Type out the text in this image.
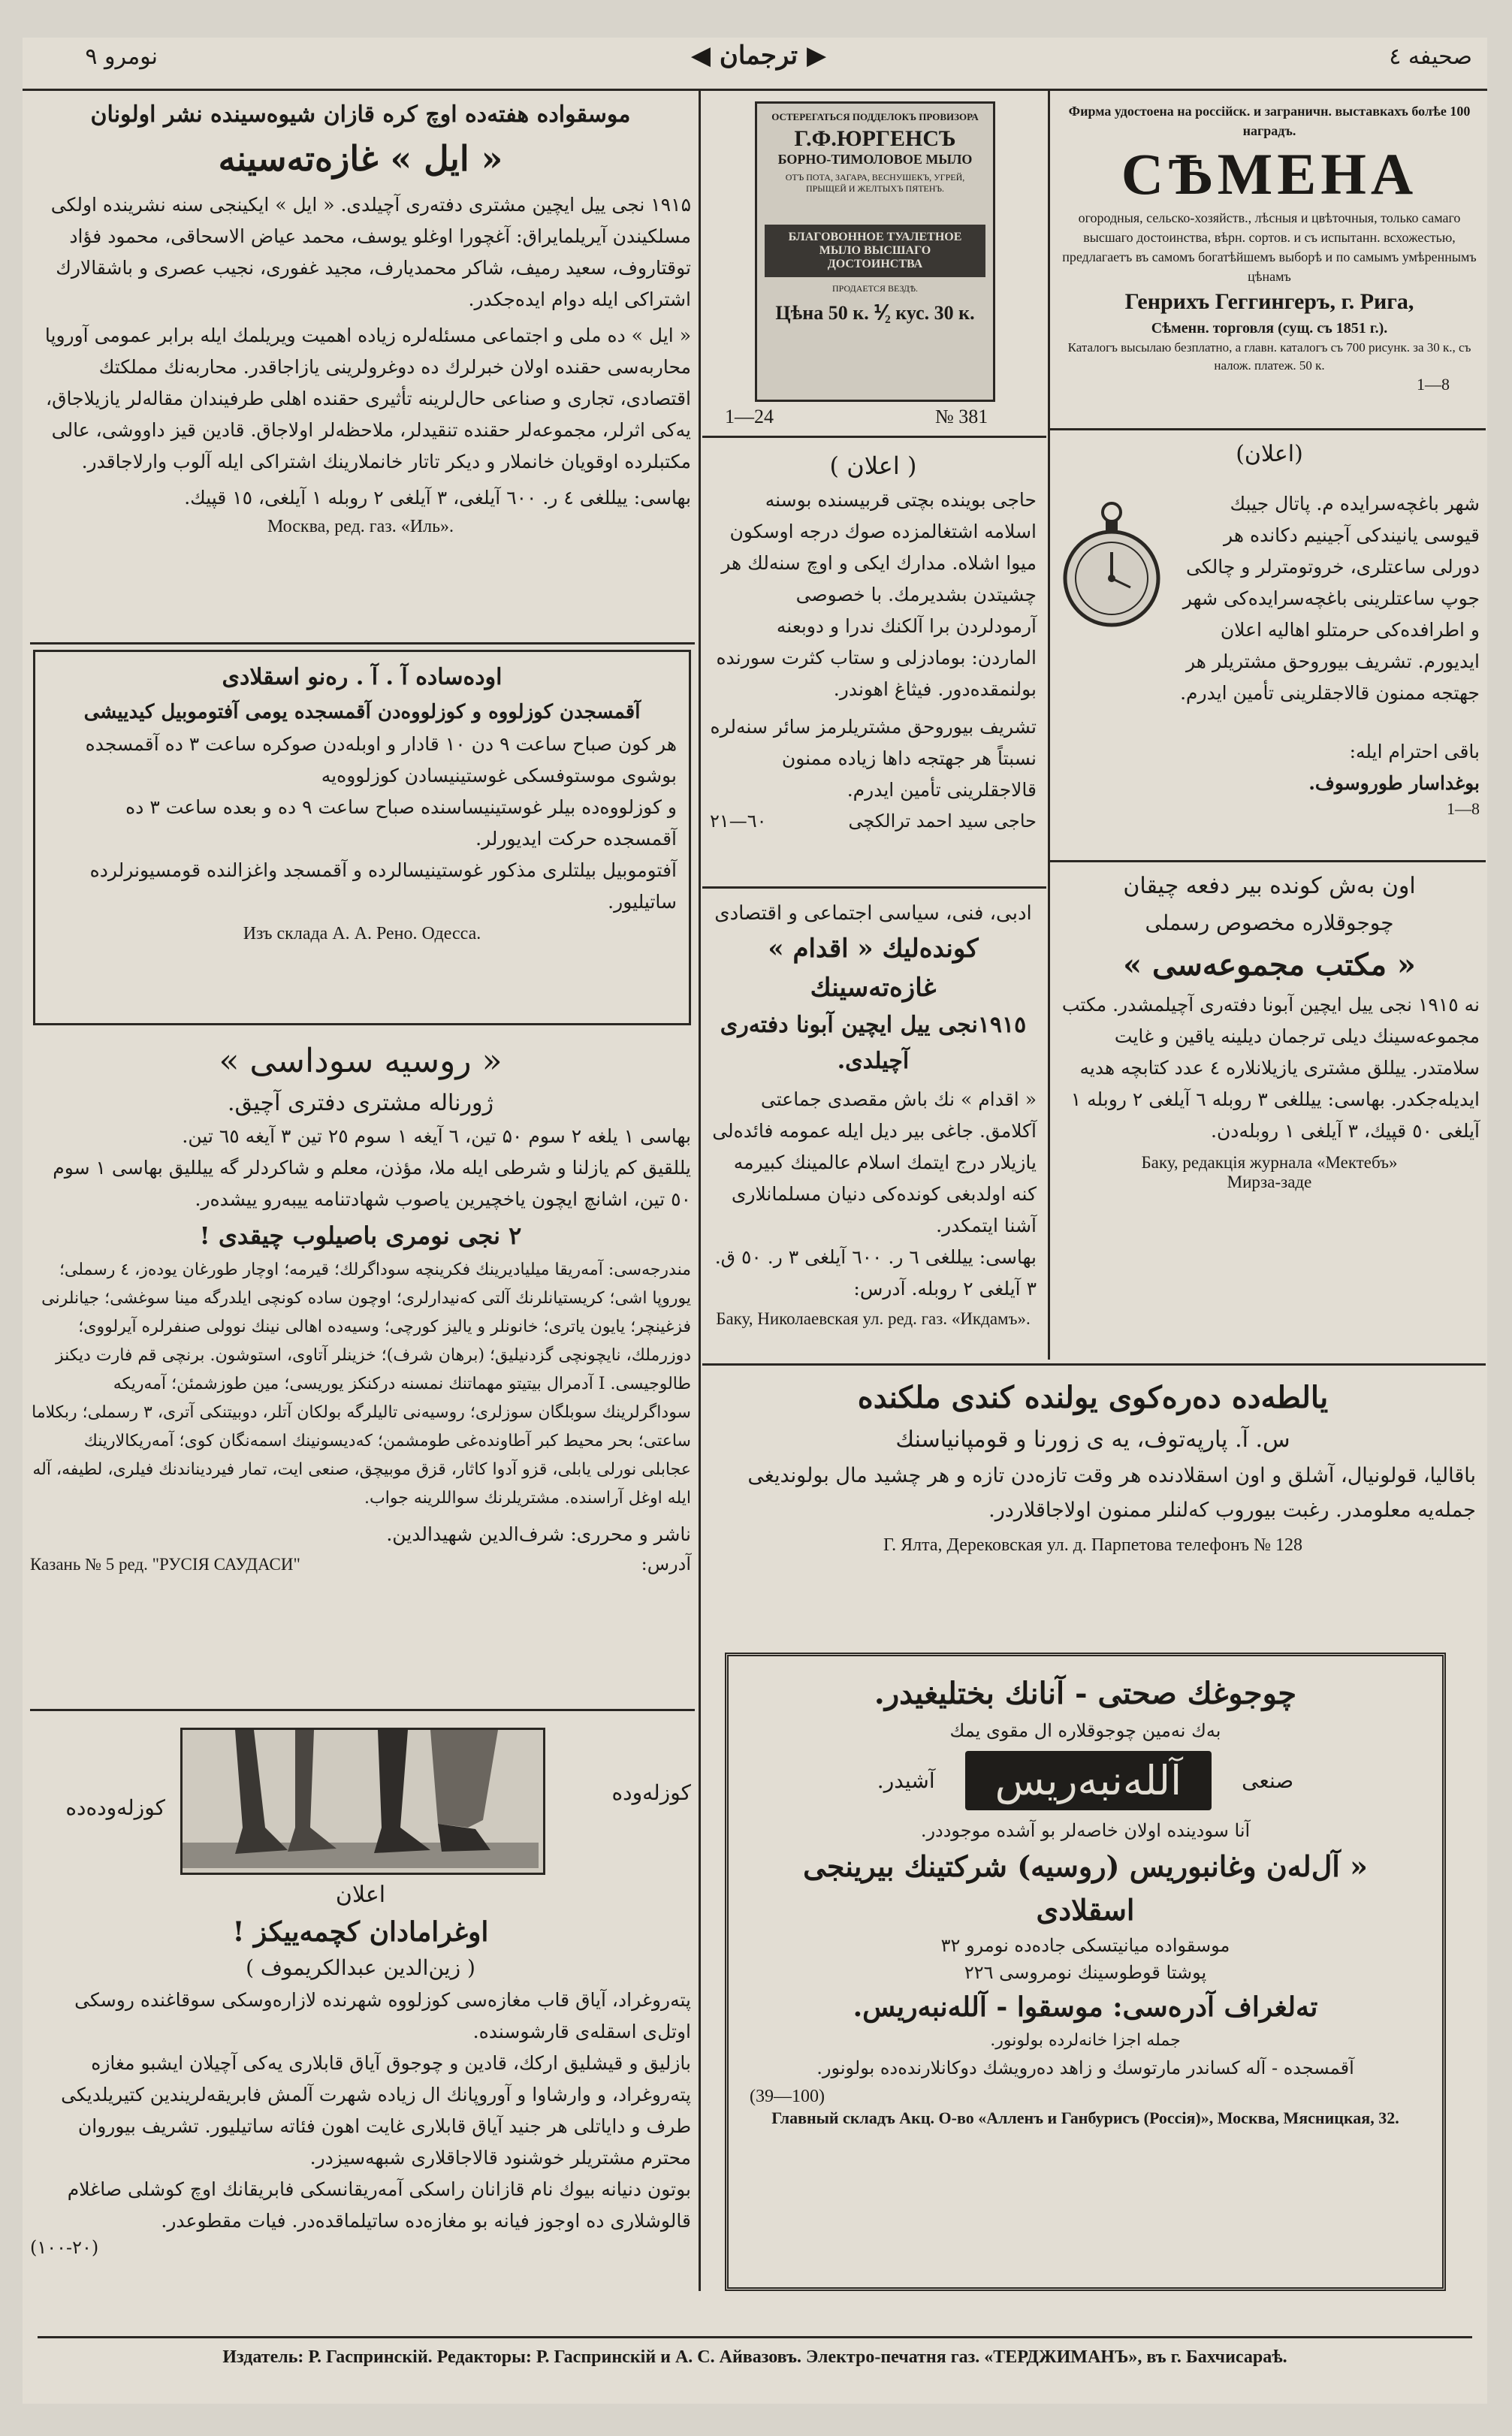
نومرو ۹	◀ ترجمان ▶	صحيفه ٤

موسقواده هفته‌ده اوچ كره قازان شيوه‌سينده نشر اولونان

« ايل » غازه‌ته‌سينه

۱۹۱۵ نجی ييل ايچين مشتری دفته‌ری آچيلدی. « ايل » ايكينجی سنه نشرينده اولكی مسلكيندن آيريلمايراق: آغچورا اوغلو يوسف، محمد عياض الاسحاقی، محمود فؤاد توقتاروف، سعيد رميف، شاكر محمديارف، مجيد غفوری، نجيب عصری و باشقالارك اشتراكی ايله دوام ايده‌جكدر.

« ايل » ده ملی و اجتماعی مسئله‌لره زياده اهميت ويريلمك ايله برابر عمومی آوروپا محاربه‌سی حقنده اولان خبرلرك ده دوغرولرينی يازاجاقدر. محاربه‌نك مملكتك اقتصادی، تجاری و صناعی حال‌لرينه تأثيری حقنده اهلی طرفيندان مقاله‌لر يازيلاجاق، يه‌كی اثرلر، مجموعه‌لر حقنده تنقيدلر، ملاحظه‌لر اولاجاق. قادين قيز داووشی، عالی مكتبلرده اوقويان خانملار و ديكر تاتار خانملارينك اشتراكی ايله آلوب وارلاجاقدر.

بهاسی: ييللغی ٤ ر. ٦٠٠ آيلغی، ۳ آيلغی ۲ روبله ۱ آيلغی، ۱٥ قپيك.

Москва, ред. газ. «Иль».

اوده‌ساده آ . آ . ره‌نو اسقلادی

آقمسجدن كوزلووه و كوزلووه‌دن آقمسجده يومی آفتوموبيل كيدييشی

هر كون صباح ساعت ۹ دن ۱۰ قادار و اوبله‌دن صوكره ساعت ۳ ده آقمسجده بوشوی موستوفسكی غوستينيسادن كوزلووه‌يه

و كوزلووه‌ده بيلر غوستينيساسنده صباح ساعت ۹ ده و بعده ساعت ۳ ده آقمسجده حركت ايديورلر.

آفتوموبيل بيلتلری مذكور غوستينيسالرده و آقمسجد واغزالنده قومسيونرلرده ساتيليور.

Изъ склада А. А. Рено. Одесса.

« روسيه سوداسی »

ژورناله مشتری دفتری آچيق.

بهاسی ۱ يلغه ۲ سوم ۵۰ تين، ٦ آيغه ۱ سوم ۲٥ تين ۳ آيغه ٦٥ تين.

يللقيق كم يازلنا و شرطی ايله ملا، مؤذن، معلم و شاكردلر گه ييلليق بهاسی ۱ سوم ٥۰ تين، اشانچ ايچون ياخچيرين ياصوب شهادتنامه ييبه‌رو ييشده‌ر.

۲ نجی نومری باصيلوب چيقدی !

مندرجه‌سی: آمه‌ريقا ميلياديرينك فكرينچه سوداگرلك؛ قيرمه؛ اوچار طورغان يوده‌ز، ٤ رسملی؛ يوروپا اشی؛ كريستيانلرنك آلتی كه‌نيدارلری؛ اوچون ساده كونچی ايلدرگه مينا سوغشی؛ جيانلرنی فزغينچر؛ يايون ياتری؛ خانونلر و ياليز كورچی؛ وسيه‌ده اهالی نينك نوولی صنفرلره آيرلووی؛ دوزرملك، نايچونچی گزدنيليق؛ (برهان شرف)؛ خزينلر آتاوی، استوشون. برنچی قم فارت ديكنز طالوجيسی. I آدمرال بيتيتو مهماتنك نمسنه دركنكز يوريسی؛ مين طوزشمئن؛ آمه‌ريكه سوداگرلرينك سوبلگان سوزلری؛ روسيه‌نی تاليلرگه بولكان آتلر، دوبيتنكی آتری، ۳ رسملی؛ ربكلاما ساعتی؛ بحر محيط كبر آطاونده‌غی طومشمن؛ كه‌ديسونينك اسمه‌نگان كوی؛ آمه‌ريكالارينك عجابلی نورلی يابلی، قزو آدوا كاثار، قزق موبيچق، صنعی ايت، تمار فيرديناندنك فيلری، لطيفه، آله ايله اوغل آراسنده. مشتريلرنك سواللرينه جواب.

ناشر و محرری: شرف‌الدين شهيدالدين.

Казань № 5 ред. "РУСIЯ САУДАСИ"	آدرس:

كوزله‌وده‌ده

كوزله‌وده

اعلان

اوغرامادان كچمه‌ييكز !

( زين‌الدين عبدالكريموف )

پته‌روغراد، آياق قاب مغازه‌سی كوزلووه شهرنده لازاره‌وسكی سوقاغنده روسكی اوتل‌ی اسقله‌ی قارشوسنده.

بازليق و قيشليق اركك، قادين و چوجوق آياق قابلاری يه‌كی آچيلان ايشبو مغازه پته‌روغراد، و وارشاوا و آوروپانك ال زياده شهرت آلمش فابريقه‌لريندين كتيريلديكی طرف و داياتلی هر جنيد آياق قابلاری غايت اهون فئاته ساتيليور. تشريف بيوروان محترم مشتريلر خوشنود قالاجاقلاری شبهه‌سيزدر.

بوتون دنيانه بيوك نام قازانان راسكی آمه‌ريقانسكی فابريقانك اوچ كوشلی صاغلام قالوشلاری ده اوجوز فيانه بو مغازه‌ده ساتيلماقده‌در. فيات مقطوعدر.

(۱۰۰-۲۰)

ОСТЕРЕГАТЬСЯ ПОДДЕЛОКЪ ПРОВИЗОРА
Г.Ф.ЮРГЕНСЪ
БОРНО-ТИМОЛОВОЕ МЫЛО
ОТЪ ПОТА, ЗАГАРА, ВЕСНУШЕКЪ, УГРЕЙ, ПРЫЩЕЙ И ЖЕЛТЫХЪ ПЯТЕНЪ.
БЛАГОВОННОЕ ТУАЛЕТНОЕ МЫЛО ВЫСШАГО ДОСТОИНСТВА
ПРОДАЕТСЯ ВЕЗДѢ.
Цѣна 50 к. ⅟₂ кус. 30 к.
1—24	№ 381

( اعلان )

حاجی بوينده بچتی قربيسنده بوسنه اسلامه اشتغالمزده صوك درجه اوسكون ميوا اشلاه. مدارك ايكی و اوچ سنه‌لك هر چشيتدن بشديرمك. با خصوصی آرمودلردن برا آلكنك ندرا و دوبعنه الماردن: بومادزلی و ستاب كثرت سورنده بولنمقده‌دور. فيثاغ اهوندر.

تشريف بيوروحق مشتريلرمز سائر سنه‌لره نسبتاً هر جهتجه داها زياده ممنون قالاجقلرينی تأمين ايدرم.

۲۱—٦۰	حاجی سيد احمد ترالكچی

ادبی، فنی، سياسی اجتماعی و اقتصادی

كونده‌ليك « اقدام » غازه‌ته‌سينك

۱۹۱٥نجی ييل ايچين آبونا دفته‌ری آچيلدی.

« اقدام » نك باش مقصدی جماعتی آكلامق. جاغی بير ديل ايله عمومه فائده‌لی يازيلار درج ايتمك اسلام عالمينك كبيرمه كنه اولدبغی كونده‌كی دنيان مسلمانلاری آشنا ايتمكدر.

بهاسی: ييللغی ٦ ر. ٦٠٠ آيلغی ۳ ر. ٥٠ ق. ۳ آيلغی ۲ روبله. آدرس:

Баку, Николаевская ул. ред. газ. «Икдамъ».

Фирма удостоена на россійск. и заграничн. выставкахъ болѣе 100 наградъ.

СѢМЕНА

огородныя, сельско-хозяйств., лѣсныя и цвѣточныя, только самаго высшаго достоинства, вѣрн. сортов. и съ испытанн. всхожестью, предлагаетъ въ самомъ богатѣйшемъ выборѣ и по самымъ умѣреннымъ цѣнамъ

Генрихъ Геггингеръ, г. Рига,

Сѣменн. торговля (сущ. съ 1851 г.).

Каталогъ высылаю безплатно, а главн. каталогъ съ 700 рисунк. за 30 к., съ налож. платеж. 50 к.

1—8

(اعلان)

شهر باغچه‌سرايده م. پاتال جيبك قيوسی يانيندكی آجينيم دكانده هر دورلی ساعتلری، خروتومترلر و چالكی جوپ ساعتلرينی باغچه‌سرايده‌كی شهر و اطرافده‌كی حرمتلو اهاليه اعلان ايديورم. تشريف بيوروحق مشتريلر هر جهتجه ممنون قالاجقلرينی تأمين ايدرم.

باقی احترام ايله:

بوغداسار طوروسوف.

1—8

اون به‌ش كونده بير دفعه چيقان

چوجوقلاره مخصوص رسملی

« مكتب مجموعه‌سی »

نه ۱۹۱٥ نجی ييل ايچين آبونا دفته‌ری آچيلمشدر. مكتب مجموعه‌سينك ديلی ترجمان ديلينه ياقين و غايت سلامتدر. ييللق مشتری يازيلانلاره ٤ عدد كتابچه هديه ايديله‌جكدر. بهاسی: ييللغی ۳ روبله ٦ آيلغی ۲ روبله ۱ آيلغی ٥۰ قپيك، ۳ آيلغی ۱ روبله‌دن.

Баку, редакція журнала «Мектебъ»

Мирза-заде

يالطه‌ده ده‌ره‌كوی يولنده كندی ملكنده

س. آ. پارپه‌توف، يه ی زورنا و قومپانياسنك

باقاليا، قولونيال، آشلق و اون اسقلادنده هر وقت تازه‌دن تازه و هر چشيد مال بولونديغی جمله‌يه معلومدر. رغبت بيوروب كه‌لنلر ممنون اولاجاقلاردر.

Г. Ялта, Дерековская ул. д. Парпетова телефонъ № 128

چوجوغك صحتی - آنانك بختليغيدر.

به‌ك نه‌مين چوجوقلاره ال مقوی يمك

آشيدر.	آلله‌نبه‌ريس	صنعی

آنا سودينده اولان خاصه‌لر بو آشده موجوددر.

« آل‌له‌ن وغانبوريس (روسيه) شركتينك بيرينجی

اسقلادی

موسقواده ميانيتسكی جاده‌ده نومرو ۳۲

پوشتا قوطوسينك نومروسی ۲۲٦

ته‌لغراف آدره‌سی: موسقوا - آلله‌نبه‌ريس.

جمله اجزا خانه‌لرده بولونور.

آقمسجده - آله كساندر مارتوسك و زاهد ده‌رويشك دوكانلارنده‌ده بولونور.

(39—100)

Главный складъ Акц. О-во «Алленъ и Ганбурисъ (Россія)», Москва, Мясницкая, 32.

Издатель: Р. Гаспринскій. Редакторы: Р. Гаспринскій и А. С. Айвазовъ. Электро-печатня газ. «ТЕРДЖИМАНЪ», въ г. Бахчисараѣ.
